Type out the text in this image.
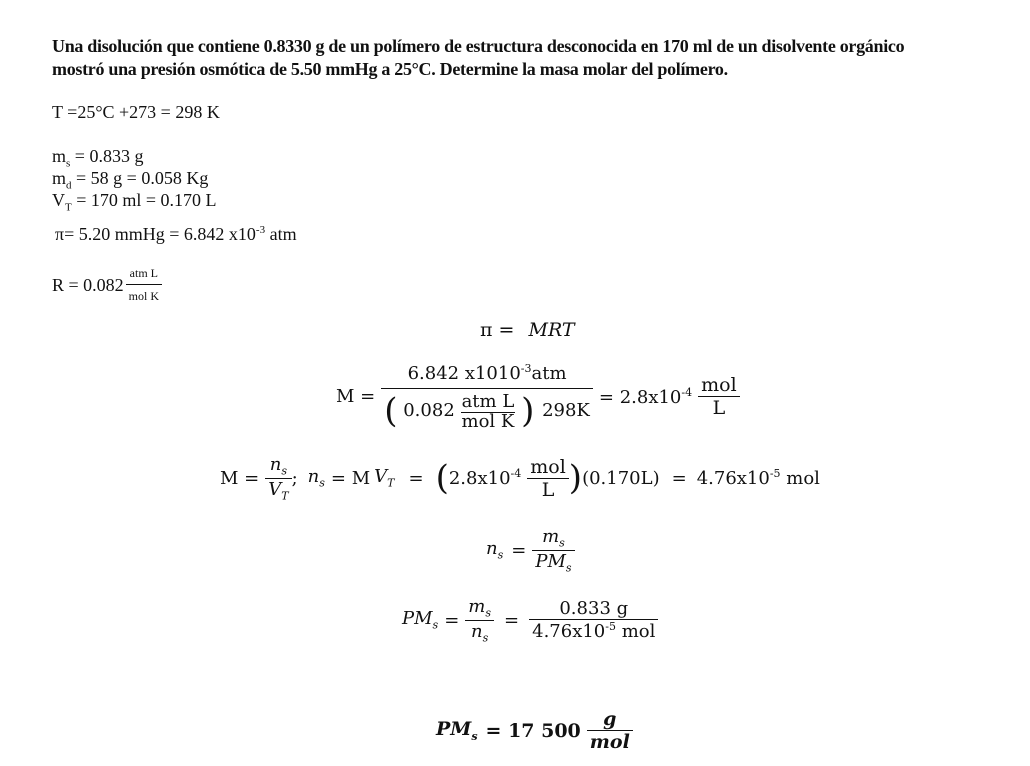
Una disolución que contiene 0.8330 g de un polímero de estructura desconocida en 170 ml de un disolvente orgánico
mostró una presión osmótica de 5.50 mmHg a 25°C. Determine la masa molar del polímero.
T =25°C +273 = 298 K
$m_s = 0.833$ g
$m_d = 58$ g = 0.058 Kg
$V_T = 170$ ml = 0.170 L
π= 5.20 mmHg = 6.842 $x10^{-3}$ atm
$R = 0.082 \frac{\text{atm L}}{\text{mol K}}$
π = MRT
M =
6.842 $x1010^{-3}atm$
( $0.082 \frac{\text{atm L}}{\text{mol K}}$ ) 298K
= $2.8x10^{-4} \frac{\text{mol}}{L}$
$M = \frac{n_s}{V_T}$ ; $n_s = M$ $V_T$ = ( $2.8x10^{-4} \frac{\text{mol}}{L}$ ) $(0.170L) = 4.76x10^{-5}$ mol
$n_s = \frac{m_s}{PM_s}$
$PM_s = \frac{m_s}{n_s} = \frac{0.833 g}{4.76x10^{-5} mol}$
$PM_s = 17$ $500 \frac{g}{\text{mol}}$
